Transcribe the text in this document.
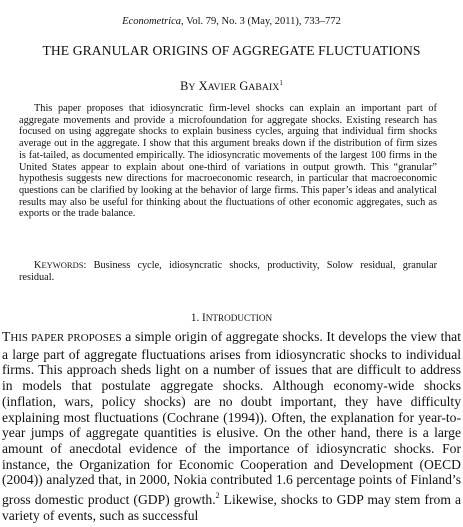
Econometrica, Vol. 79, No. 3 (May, 2011), 733–772
THE GRANULAR ORIGINS OF AGGREGATE FLUCTUATIONS
BY XAVIER GABAIX$^1$

This paper proposes that idiosyncratic firm-level shocks can explain an important part of aggregate movements and provide a microfoundation for aggregate shocks. Existing research has focused on using aggregate shocks to explain business cycles, arguing that individual firm shocks average out in the aggregate. I show that this argument breaks down if the distribution of firm sizes is fat-tailed, as documented empirically. The idiosyncratic movements of the largest 100 firms in the United States appear to explain about one-third of variations in output growth. This “granular” hypothesis suggests new directions for macroeconomic research, in particular that macroeconomic questions can be clarified by looking at the behavior of large firms. This paper’s ideas and analytical results may also be useful for thinking about the fluctuations of other economic aggregates, such as exports or the trade balance.

KEYWORDS: Business cycle, idiosyncratic shocks, productivity, Solow residual, granular residual.

1. INTRODUCTION

THIS PAPER PROPOSES a simple origin of aggregate shocks. It develops the view that a large part of aggregate fluctuations arises from idiosyncratic shocks to individual firms. This approach sheds light on a number of issues that are difficult to address in models that postulate aggregate shocks. Although economy-wide shocks (inflation, wars, policy shocks) are no doubt important, they have difficulty explaining most fluctuations (Cochrane (1994)). Often, the explanation for year-to-year jumps of aggregate quantities is elusive. On the other hand, there is a large amount of anecdotal evidence of the importance of idiosyncratic shocks. For instance, the Organization for Economic Cooperation and Development (OECD (2004)) analyzed that, in 2000, Nokia contributed 1.6 percentage points of Finland’s gross domestic product (GDP) growth.$^2$ Likewise, shocks to GDP may stem from a variety of events, such as successful
